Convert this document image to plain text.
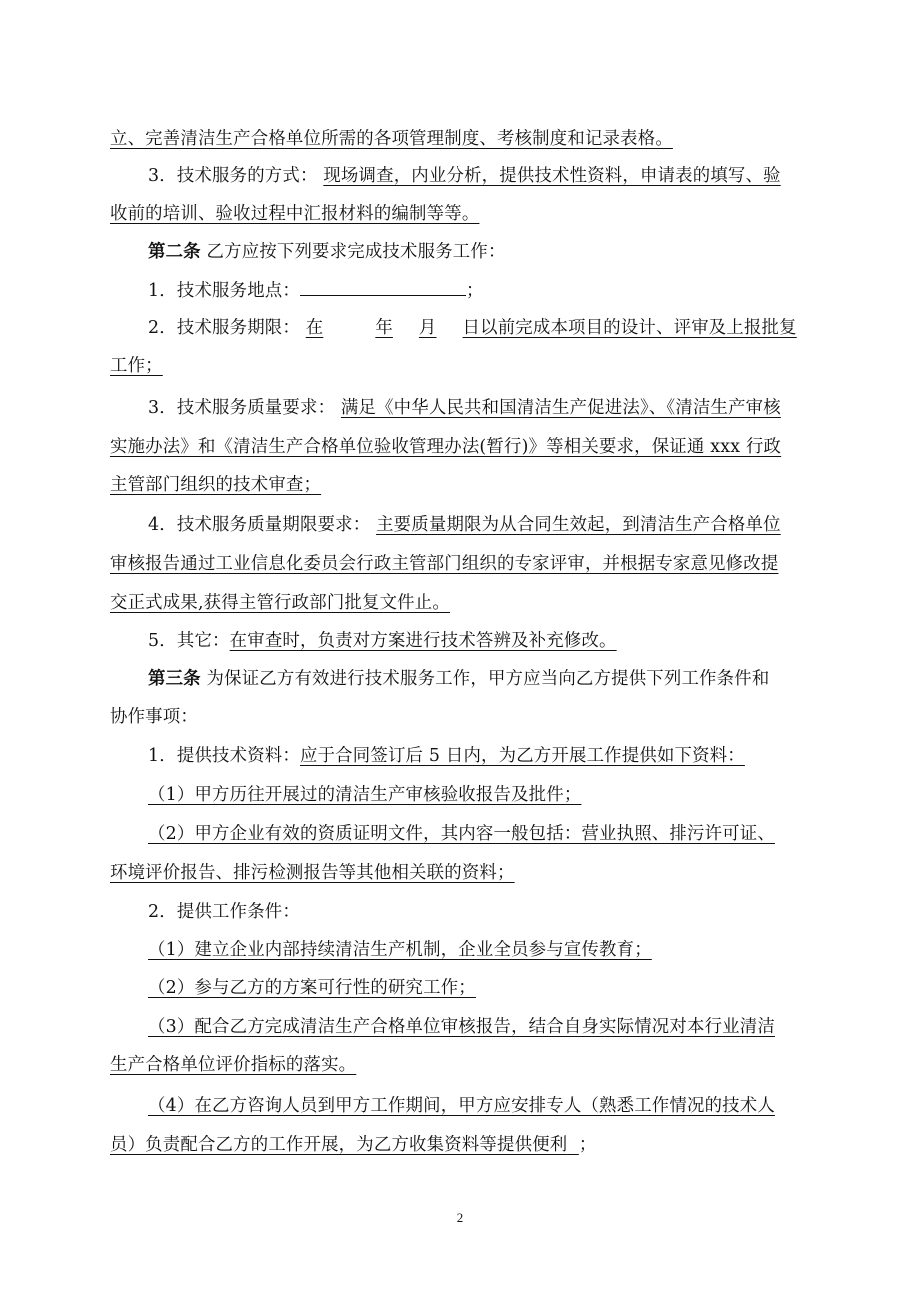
立、完善清洁生产合格单位所需的各项管理制度、考核制度和记录表格。
3．技术服务的方式： 现场调查，内业分析，提供技术性资料，申请表的填写、验
收前的培训、验收过程中汇报材料的编制等等。
第二条 乙方应按下列要求完成技术服务工作：
1．技术服务地点：	；
2．技术服务期限： 在	年 月 日以前完成本项目的设计、评审及上报批复
工作；
3．技术服务质量要求： 满足《中华人民共和国清洁生产促进法》、《清洁生产审核
实施办法》和《清洁生产合格单位验收管理办法(暂行)》等相关要求，保证通 xxx 行政
主管部门组织的技术审查；
4．技术服务质量期限要求： 主要质量期限为从合同生效起，到清洁生产合格单位
审核报告通过工业信息化委员会行政主管部门组织的专家评审，并根据专家意见修改提
交正式成果,获得主管行政部门批复文件止。
5．其它：在审查时，负责对方案进行技术答辨及补充修改。
第三条 为保证乙方有效进行技术服务工作，甲方应当向乙方提供下列工作条件和
协作事项：
1．提供技术资料：应于合同签订后 5 日内，为乙方开展工作提供如下资料：
（1）甲方历往开展过的清洁生产审核验收报告及批件；
（2）甲方企业有效的资质证明文件，其内容一般包括：营业执照、排污许可证、
环境评价报告、排污检测报告等其他相关联的资料；
2．提供工作条件：
（1）建立企业内部持续清洁生产机制，企业全员参与宣传教育；
（2）参与乙方的方案可行性的研究工作；
（3）配合乙方完成清洁生产合格单位审核报告，结合自身实际情况对本行业清洁
生产合格单位评价指标的落实。
（4）在乙方咨询人员到甲方工作期间，甲方应安排专人（熟悉工作情况的技术人
员）负责配合乙方的工作开展，为乙方收集资料等提供便利 ；
2
